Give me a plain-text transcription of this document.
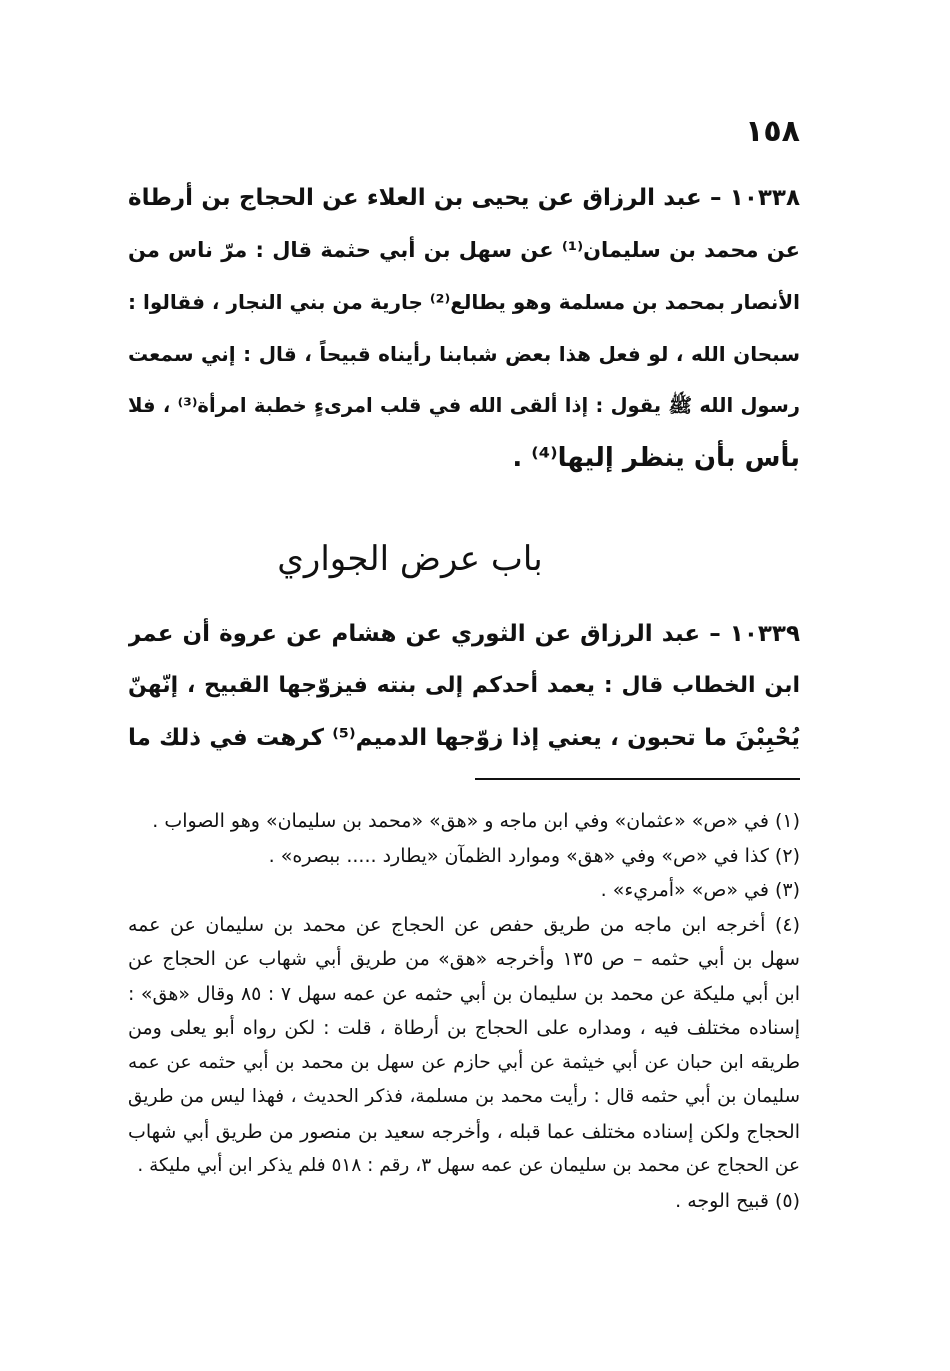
١٥٨
١٠٣٣٨ – عبد الرزاق عن يحيى بن العلاء عن الحجاج بن أرطاة
عن محمد بن سليمان⁽¹⁾ عن سهل بن أبي حثمة قال : مرّ ناس من
الأنصار بمحمد بن مسلمة وهو يطالع⁽²⁾ جارية من بني النجار ، فقالوا :
سبحان الله ، لو فعل هذا بعض شبابنا رأيناه قبيحاً ، قال : إني سمعت
رسول الله ﷺ يقول : إذا ألقى الله في قلب امرىءٍ خطبة امرأة⁽³⁾ ، فلا
بأس بأن ينظر إليها⁽⁴⁾ .
باب عرض الجواري
١٠٣٣٩ – عبد الرزاق عن الثوري عن هشام عن عروة أن عمر
ابن الخطاب قال : يعمد أحدكم إلى بنته فيزوّجها القبيح ، إنّهنّ
يُحْبِبْنَ ما تحبون ، يعني إذا زوّجها الدميم⁽⁵⁾ كرهت في ذلك ما
(١) في «ص» «عثمان» وفي ابن ماجه و «هق» «محمد بن سليمان» وهو الصواب .
(٢) كذا في «ص» وفي «هق» وموارد الظمآن «يطارد ..... ببصره» .
(٣) في «ص» «أمريء» .
(٤) أخرجه ابن ماجه من طريق حفص عن الحجاج عن محمد بن سليمان عن عمه
سهل بن أبي حثمه – ص ١٣٥ وأخرجه «هق» من طريق أبي شهاب عن الحجاج عن
ابن أبي مليكة عن محمد بن سليمان بن أبي حثمه عن عمه سهل ٧ : ٨٥ وقال «هق» :
إسناده مختلف فيه ، ومداره على الحجاج بن أرطاة ، قلت : لكن رواه أبو يعلى ومن
طريقه ابن حبان عن أبي خيثمة عن أبي حازم عن سهل بن محمد بن أبي حثمه عن عمه
سليمان بن أبي حثمه قال : رأيت محمد بن مسلمة، فذكر الحديث ، فهذا ليس من طريق
الحجاج ولكن إسناده مختلف عما قبله ، وأخرجه سعيد بن منصور من طريق أبي شهاب
عن الحجاج عن محمد بن سليمان عن عمه سهل ٣، رقم : ٥١٨ فلم يذكر ابن أبي مليكة .
(٥) قبيح الوجه .
